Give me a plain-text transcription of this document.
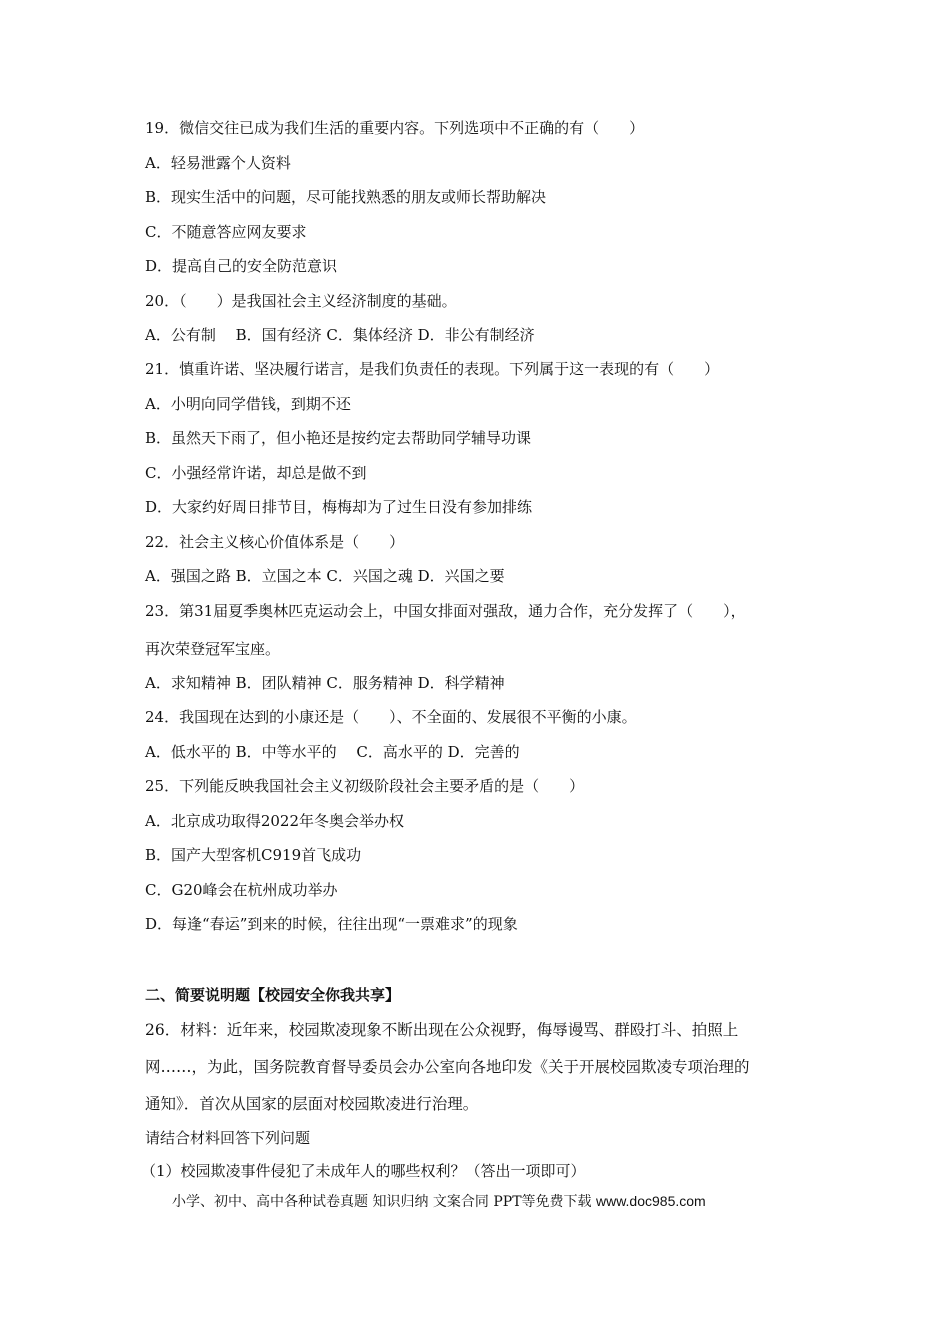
19．微信交往已成为我们生活的重要内容。下列选项中不正确的有（　　）
A．轻易泄露个人资料
B．现实生活中的问题，尽可能找熟悉的朋友或师长帮助解决
C．不随意答应网友要求
D．提高自己的安全防范意识
20．（　　）是我国社会主义经济制度的基础。
A．公有制　 B．国有经济 C．集体经济 D．非公有制经济
21．慎重许诺、坚决履行诺言，是我们负责任的表现。下列属于这一表现的有（　　）
A．小明向同学借钱，到期不还
B．虽然天下雨了，但小艳还是按约定去帮助同学辅导功课
C．小强经常许诺，却总是做不到
D．大家约好周日排节目，梅梅却为了过生日没有参加排练
22．社会主义核心价值体系是（　　）
A．强国之路 B．立国之本 C．兴国之魂 D．兴国之要
23．第31届夏季奥林匹克运动会上，中国女排面对强敌，通力合作，充分发挥了（　　），
再次荣登冠军宝座。
A．求知精神 B．团队精神 C．服务精神 D．科学精神
24．我国现在达到的小康还是（　　）、不全面的、发展很不平衡的小康。
A．低水平的 B．中等水平的　 C．高水平的 D．完善的
25．下列能反映我国社会主义初级阶段社会主要矛盾的是（　　）
A．北京成功取得2022年冬奥会举办权
B．国产大型客机C919首飞成功
C．G20峰会在杭州成功举办
D．每逢“春运”到来的时候，往往出现“一票难求”的现象
二、简要说明题【校园安全你我共享】
26．材料：近年来，校园欺凌现象不断出现在公众视野，侮辱谩骂、群殴打斗、拍照上
网……，为此，国务院教育督导委员会办公室向各地印发《关于开展校园欺凌专项治理的
通知》．首次从国家的层面对校园欺凌进行治理。
请结合材料回答下列问题
（1）校园欺凌事件侵犯了未成年人的哪些权利？（答出一项即可）
小学、初中、高中各种试卷真题 知识归纳 文案合同 PPT等免费下载 www.doc985.com
